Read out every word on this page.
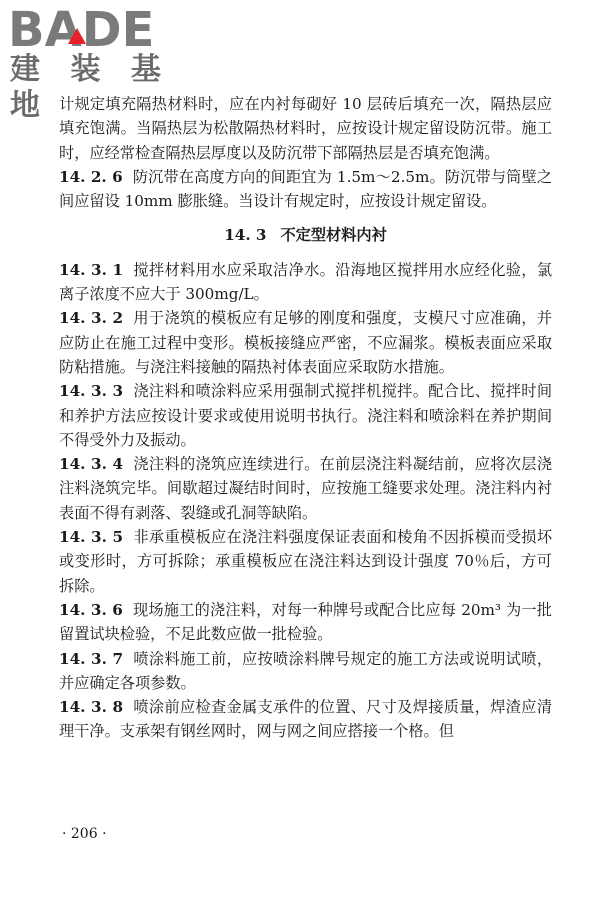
BADE
建 装 基 地 计规定填充隔热材料时，应在内衬每砌好 10 层砖后填充一次，隔热层应填充饱满。当隔热层为松散隔热材料时，应按设计规定留设防沉带。施工时，应经常检查隔热层厚度以及防沉带下部隔热层是否填充饱满。

14. 2. 6 防沉带在高度方向的间距宜为 1.5m～2.5m。防沉带与筒壁之间应留设 10mm 膨胀缝。当设计有规定时，应按设计规定留设。

14. 3 不定型材料内衬

14. 3. 1 搅拌材料用水应采取洁净水。沿海地区搅拌用水应经化验，氯离子浓度不应大于 300mg/L。

14. 3. 2 用于浇筑的模板应有足够的刚度和强度，支模尺寸应准确，并应防止在施工过程中变形。模板接缝应严密，不应漏浆。模板表面应采取防粘措施。与浇注料接触的隔热衬体表面应采取防水措施。

14. 3. 3 浇注料和喷涂料应采用强制式搅拌机搅拌。配合比、搅拌时间和养护方法应按设计要求或使用说明书执行。浇注料和喷涂料在养护期间不得受外力及振动。

14. 3. 4 浇注料的浇筑应连续进行。在前层浇注料凝结前，应将次层浇注料浇筑完毕。间歇超过凝结时间时，应按施工缝要求处理。浇注料内衬表面不得有剥落、裂缝或孔洞等缺陷。

14. 3. 5 非承重模板应在浇注料强度保证表面和棱角不因拆模而受损坏或变形时，方可拆除；承重模板应在浇注料达到设计强度 70％后，方可拆除。

14. 3. 6 现场施工的浇注料，对每一种牌号或配合比应每 20m³ 为一批留置试块检验，不足此数应做一批检验。

14. 3. 7 喷涂料施工前，应按喷涂料牌号规定的施工方法或说明试喷，并应确定各项参数。

14. 3. 8 喷涂前应检查金属支承件的位置、尺寸及焊接质量，焊渣应清理干净。支承架有钢丝网时，网与网之间应搭接一个格。但

· 206 ·
